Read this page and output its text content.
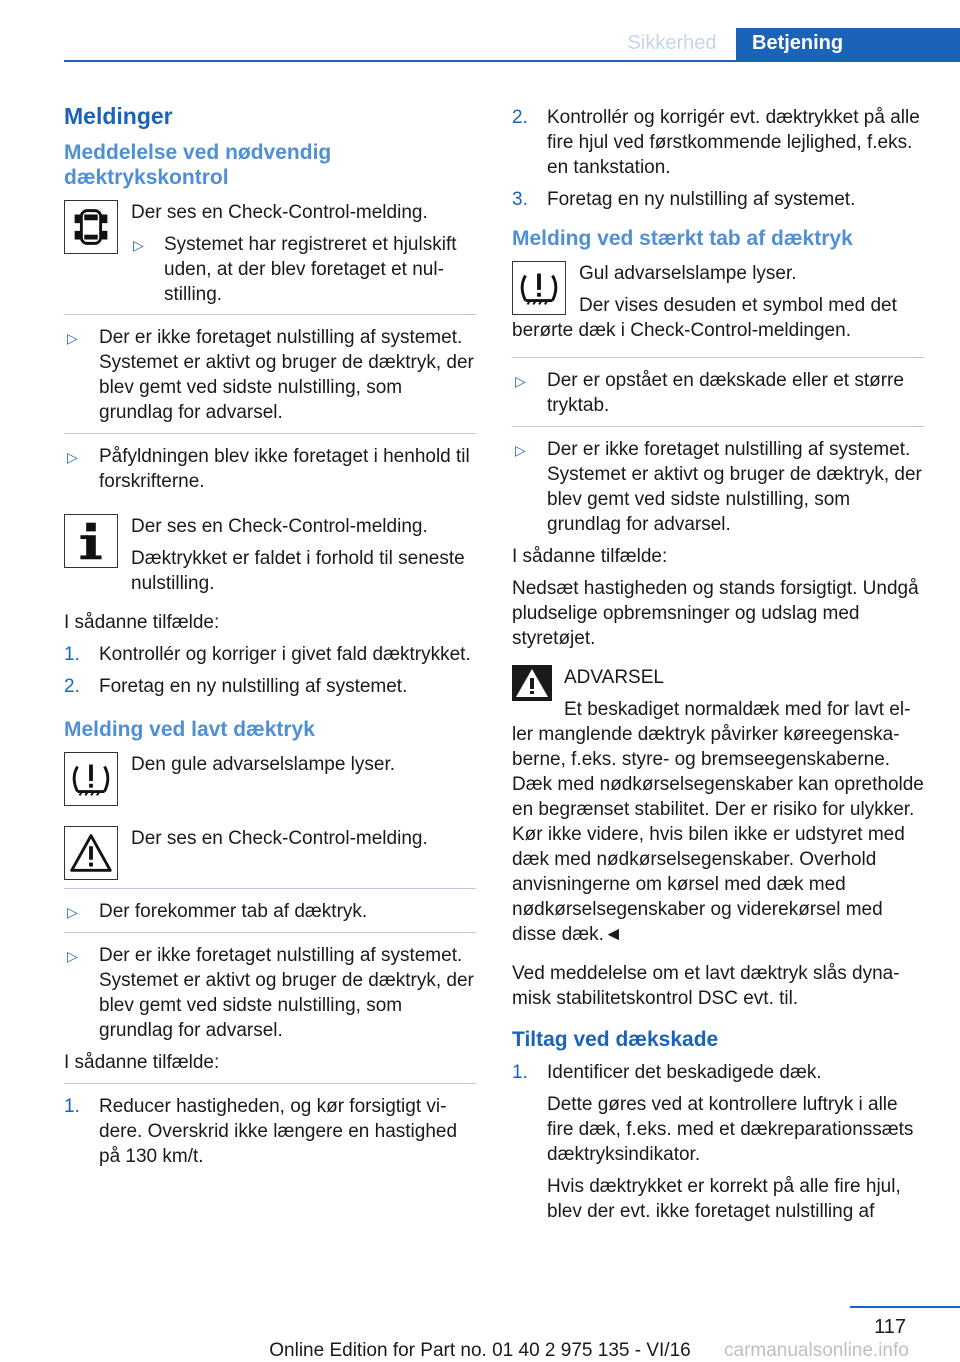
Sikkerhed	Betjening
Meldinger
Meddelelse ved nødvendig dæktrykskontrol
Der ses en Check-Control-melding.
▷ Systemet har registreret et hjulskift uden, at der blev foretaget et nulstilling.
▷ Der er ikke foretaget nulstilling af systemet. Systemet er aktivt og bruger de dæktryk, der blev gemt ved sidste nulstilling, som grundlag for advarsel.
▷ Påfyldningen blev ikke foretaget i henhold til forskrifterne.
Der ses en Check-Control-melding.
Dæktrykket er faldet i forhold til seneste nulstilling.
I sådanne tilfælde:
1. Kontrollér og korriger i givet fald dæktrykket.
2. Foretag en ny nulstilling af systemet.
Melding ved lavt dæktryk
Den gule advarselslampe lyser.
Der ses en Check-Control-melding.
▷ Der forekommer tab af dæktryk.
▷ Der er ikke foretaget nulstilling af systemet. Systemet er aktivt og bruger de dæktryk, der blev gemt ved sidste nulstilling, som grundlag for advarsel.
I sådanne tilfælde:
1. Reducer hastigheden, og kør forsigtigt videre. Overskrid ikke længere en hastighed på 130 km/t.
2. Kontrollér og korrigér evt. dæktrykket på alle fire hjul ved førstkommende lejlighed, f.eks. en tankstation.
3. Foretag en ny nulstilling af systemet.
Melding ved stærkt tab af dæktryk
Gul advarselslampe lyser.
Der vises desuden et symbol med det berørte dæk i Check-Control-meldingen.
▷ Der er opstået en dækskade eller et større tryktab.
▷ Der er ikke foretaget nulstilling af systemet. Systemet er aktivt og bruger de dæktryk, der blev gemt ved sidste nulstilling, som grundlag for advarsel.
I sådanne tilfælde:
Nedsæt hastigheden og stands forsigtigt. Undgå pludselige opbremsninger og udslag med styretøjet.
ADVARSEL
Et beskadiget normaldæk med for lavt eller manglende dæktryk påvirker køreegenskaberne, f.eks. styre- og bremseegenskaberne. Dæk med nødkørselsegenskaber kan opretholde en begrænset stabilitet. Der er risiko for ulykker. Kør ikke videre, hvis bilen ikke er udstyret med dæk med nødkørselsegenskaber. Overhold anvisningerne om kørsel med dæk med nødkørselsegenskaber og viderekørsel med disse dæk.◄
Ved meddelelse om et lavt dæktryk slås dynamisk stabilitetskontrol DSC evt. til.
Tiltag ved dækskade
1. Identificer det beskadigede dæk.
Dette gøres ved at kontrollere luftryk i alle fire dæk, f.eks. med et dækreparationssæts dæktryksindikator.
Hvis dæktrykket er korrekt på alle fire hjul, blev der evt. ikke foretaget nulstilling af
117
Online Edition for Part no. 01 40 2 975 135 - VI/16	carmanualsonline.info
